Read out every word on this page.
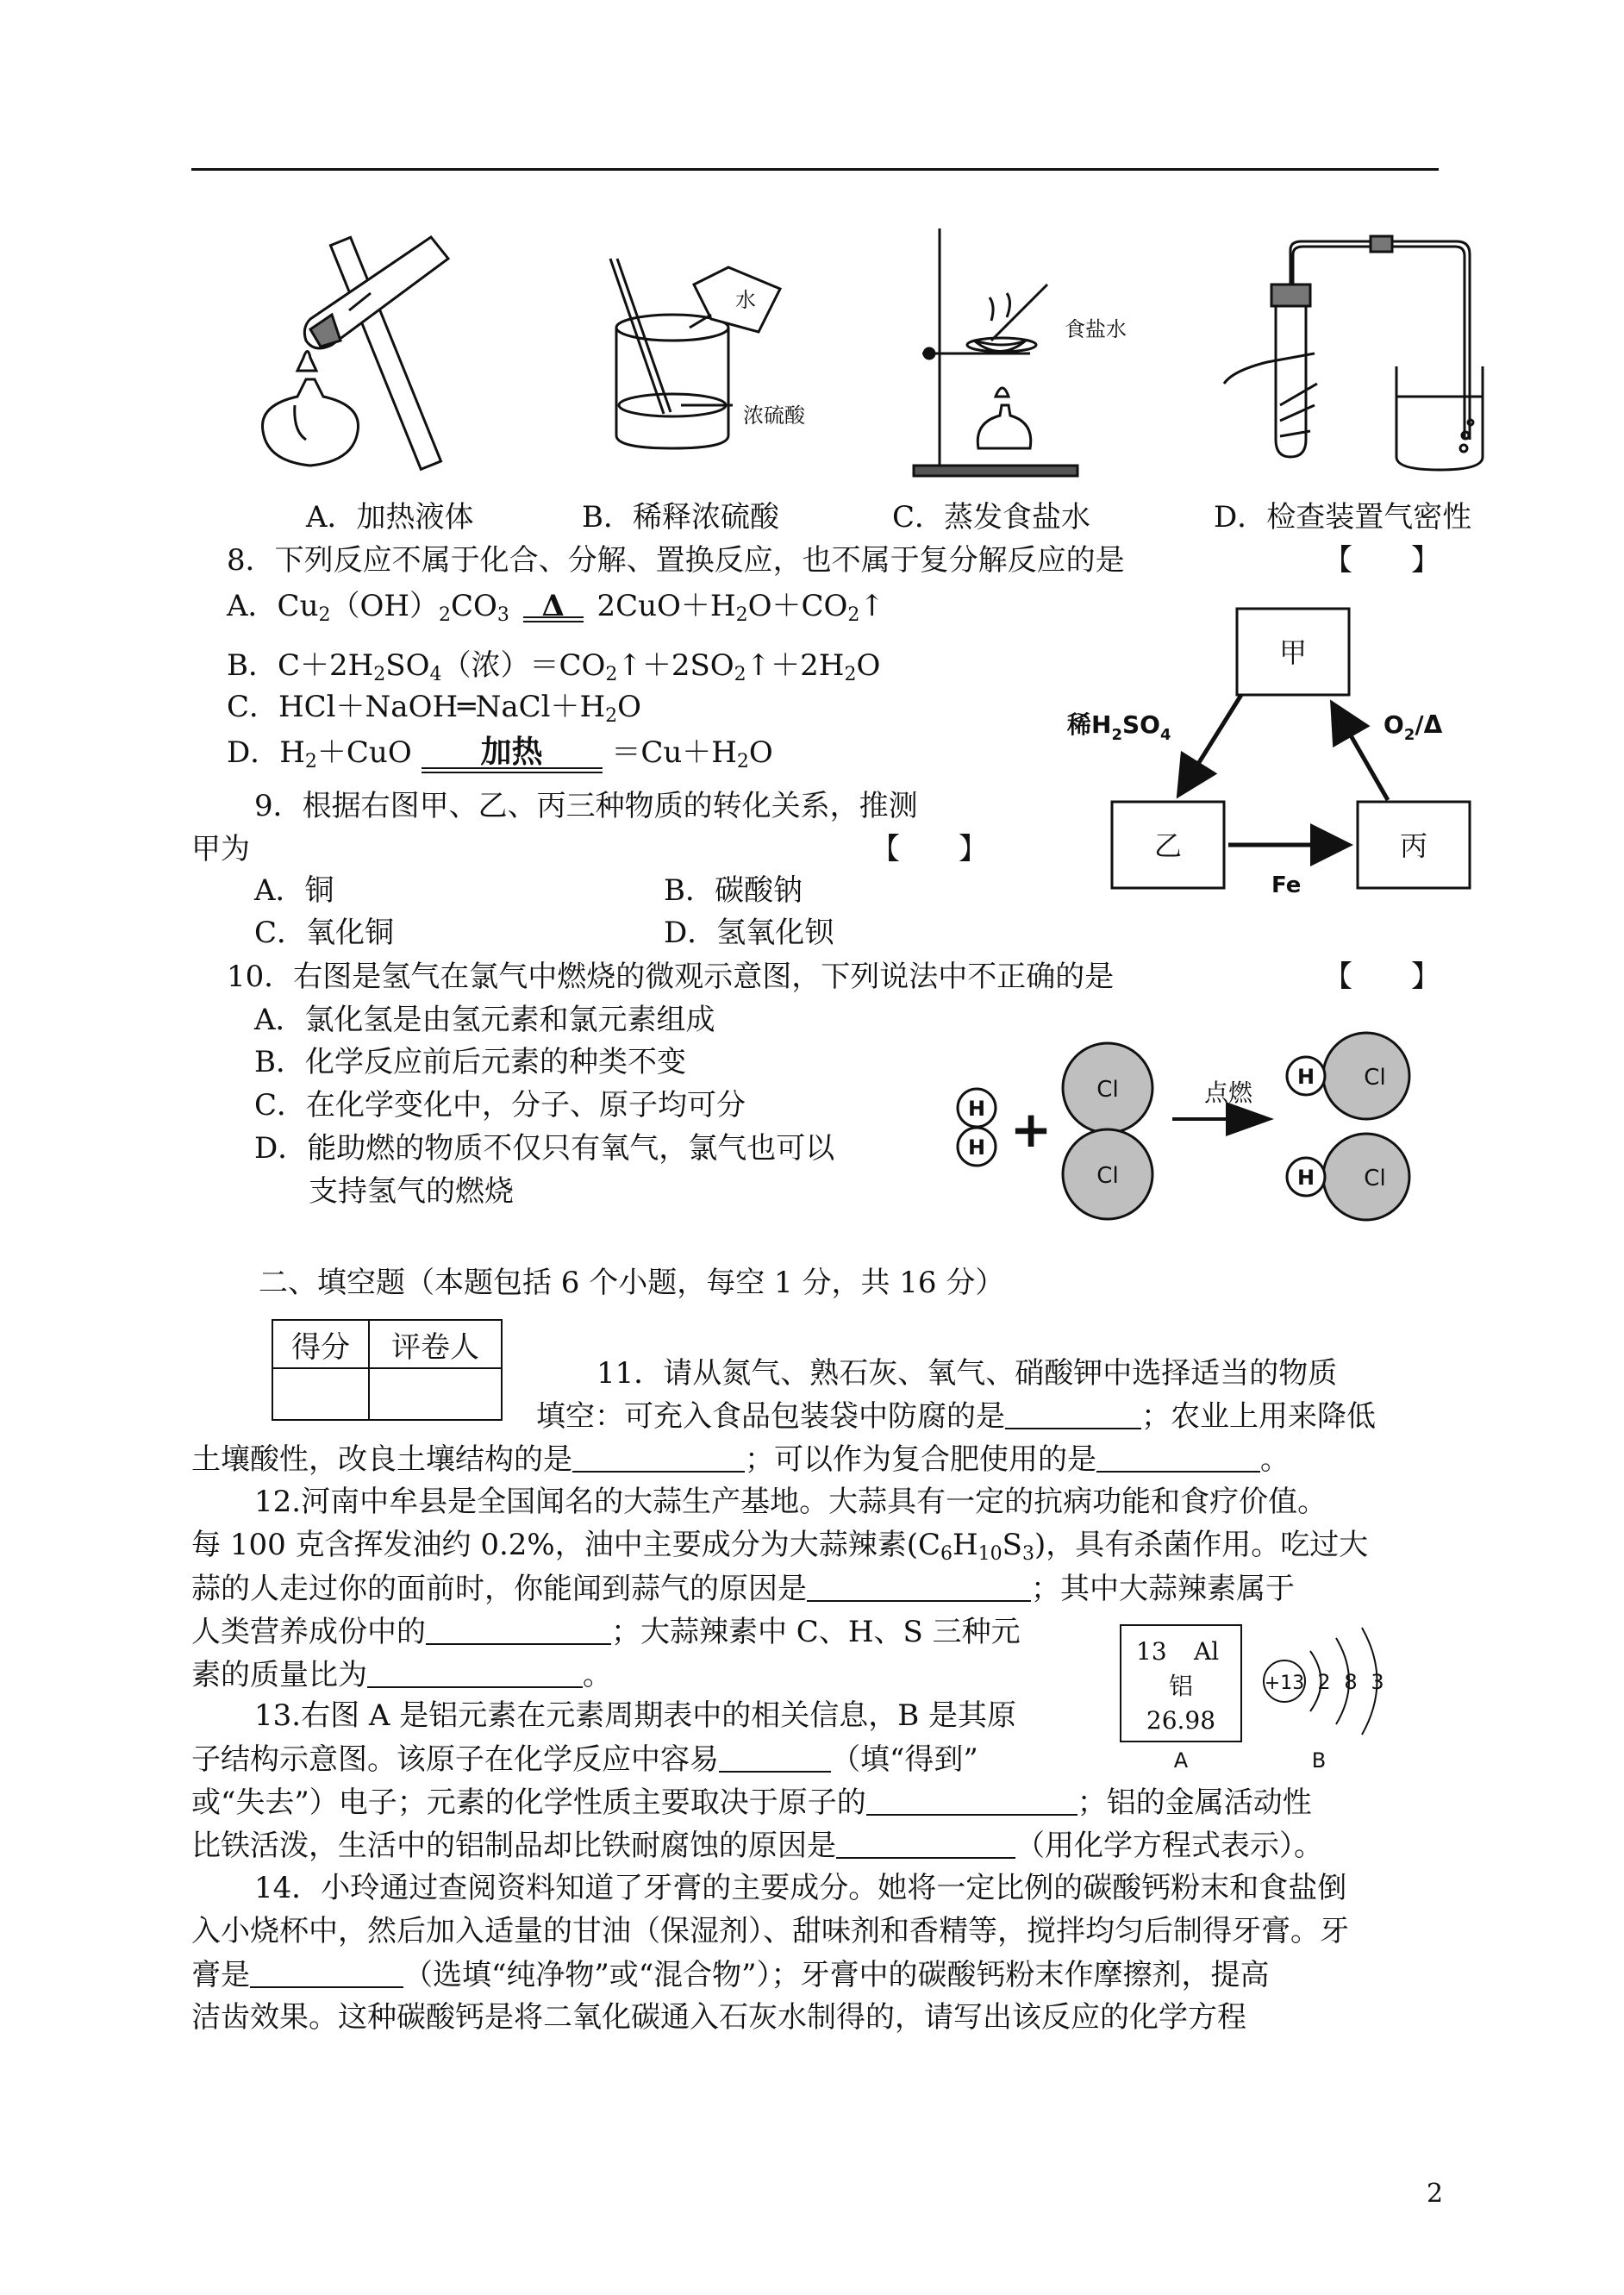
水
浓硫酸
食盐水
A．加热液体	B．稀释浓硫酸	C．蒸发食盐水	D．检查装置气密性
8．下列反应不属于化合、分解、置换反应，也不属于复分解反应的是	【　　】
A．$Cu_2(OH)_2CO_3$ Δ $2CuO+H_2O+CO_2↑$
B．$C+2H_2SO_4$（浓）$=CO_2↑+2SO_2↑+2H_2O$
C．$HCl+NaOH═NaCl+H_2O$
D．$H_2+CuO$ 加热 $=Cu+H_2O$
9．根据右图甲、乙、丙三种物质的转化关系，推测
甲为	【　　】
A．铜	B．碳酸钠
C．氧化铜	D．氢氧化钡
甲
乙	丙
稀$H_2SO_4$	$O_2/\Delta$
Fe
10．右图是氢气在氯气中燃烧的微观示意图，下列说法中不正确的是	【　　】
A．氯化氢是由氢元素和氯元素组成
B．化学反应前后元素的种类不变
C．在化学变化中，分子、原子均可分
D．能助燃的物质不仅只有氧气，氯气也可以
支持氢气的燃烧
H
H +
Cl
Cl
点燃
H Cl
H Cl
二、填空题（本题包括 6 个小题，每空 1 分，共 16 分）
得分	评卷人

11．请从氮气、熟石灰、氧气、硝酸钾中选择适当的物质
填空：可充入食品包装袋中防腐的是	；农业上用来降低
土壤酸性，改良土壤结构的是	；可以作为复合肥使用的是	。
12.河南中牟县是全国闻名的大蒜生产基地。大蒜具有一定的抗病功能和食疗价值。
每 100 克含挥发油约 0.2%，油中主要成分为大蒜辣素$(C_6H_{10}S_3)$，具有杀菌作用。吃过大
蒜的人走过你的面前时，你能闻到蒜气的原因是	；其中大蒜辣素属于
人类营养成份中的	；大蒜辣素中 C、H、S 三种元
素的质量比为	。
13.右图 A 是铝元素在元素周期表中的相关信息，B 是其原
子结构示意图。该原子在化学反应中容易	（填“得到”
或“失去”）电子；元素的化学性质主要取决于原子的	；铝的金属活动性
比铁活泼，生活中的铝制品却比铁耐腐蚀的原因是	（用化学方程式表示）。
13 Al
铝
26.98
A
+13 2 8 3
B
14．小玲通过查阅资料知道了牙膏的主要成分。她将一定比例的碳酸钙粉末和食盐倒
入小烧杯中，然后加入适量的甘油（保湿剂）、甜味剂和香精等，搅拌均匀后制得牙膏。牙
膏是	（选填“纯净物”或“混合物”）；牙膏中的碳酸钙粉末作摩擦剂，提高
洁齿效果。这种碳酸钙是将二氧化碳通入石灰水制得的，请写出该反应的化学方程
2
